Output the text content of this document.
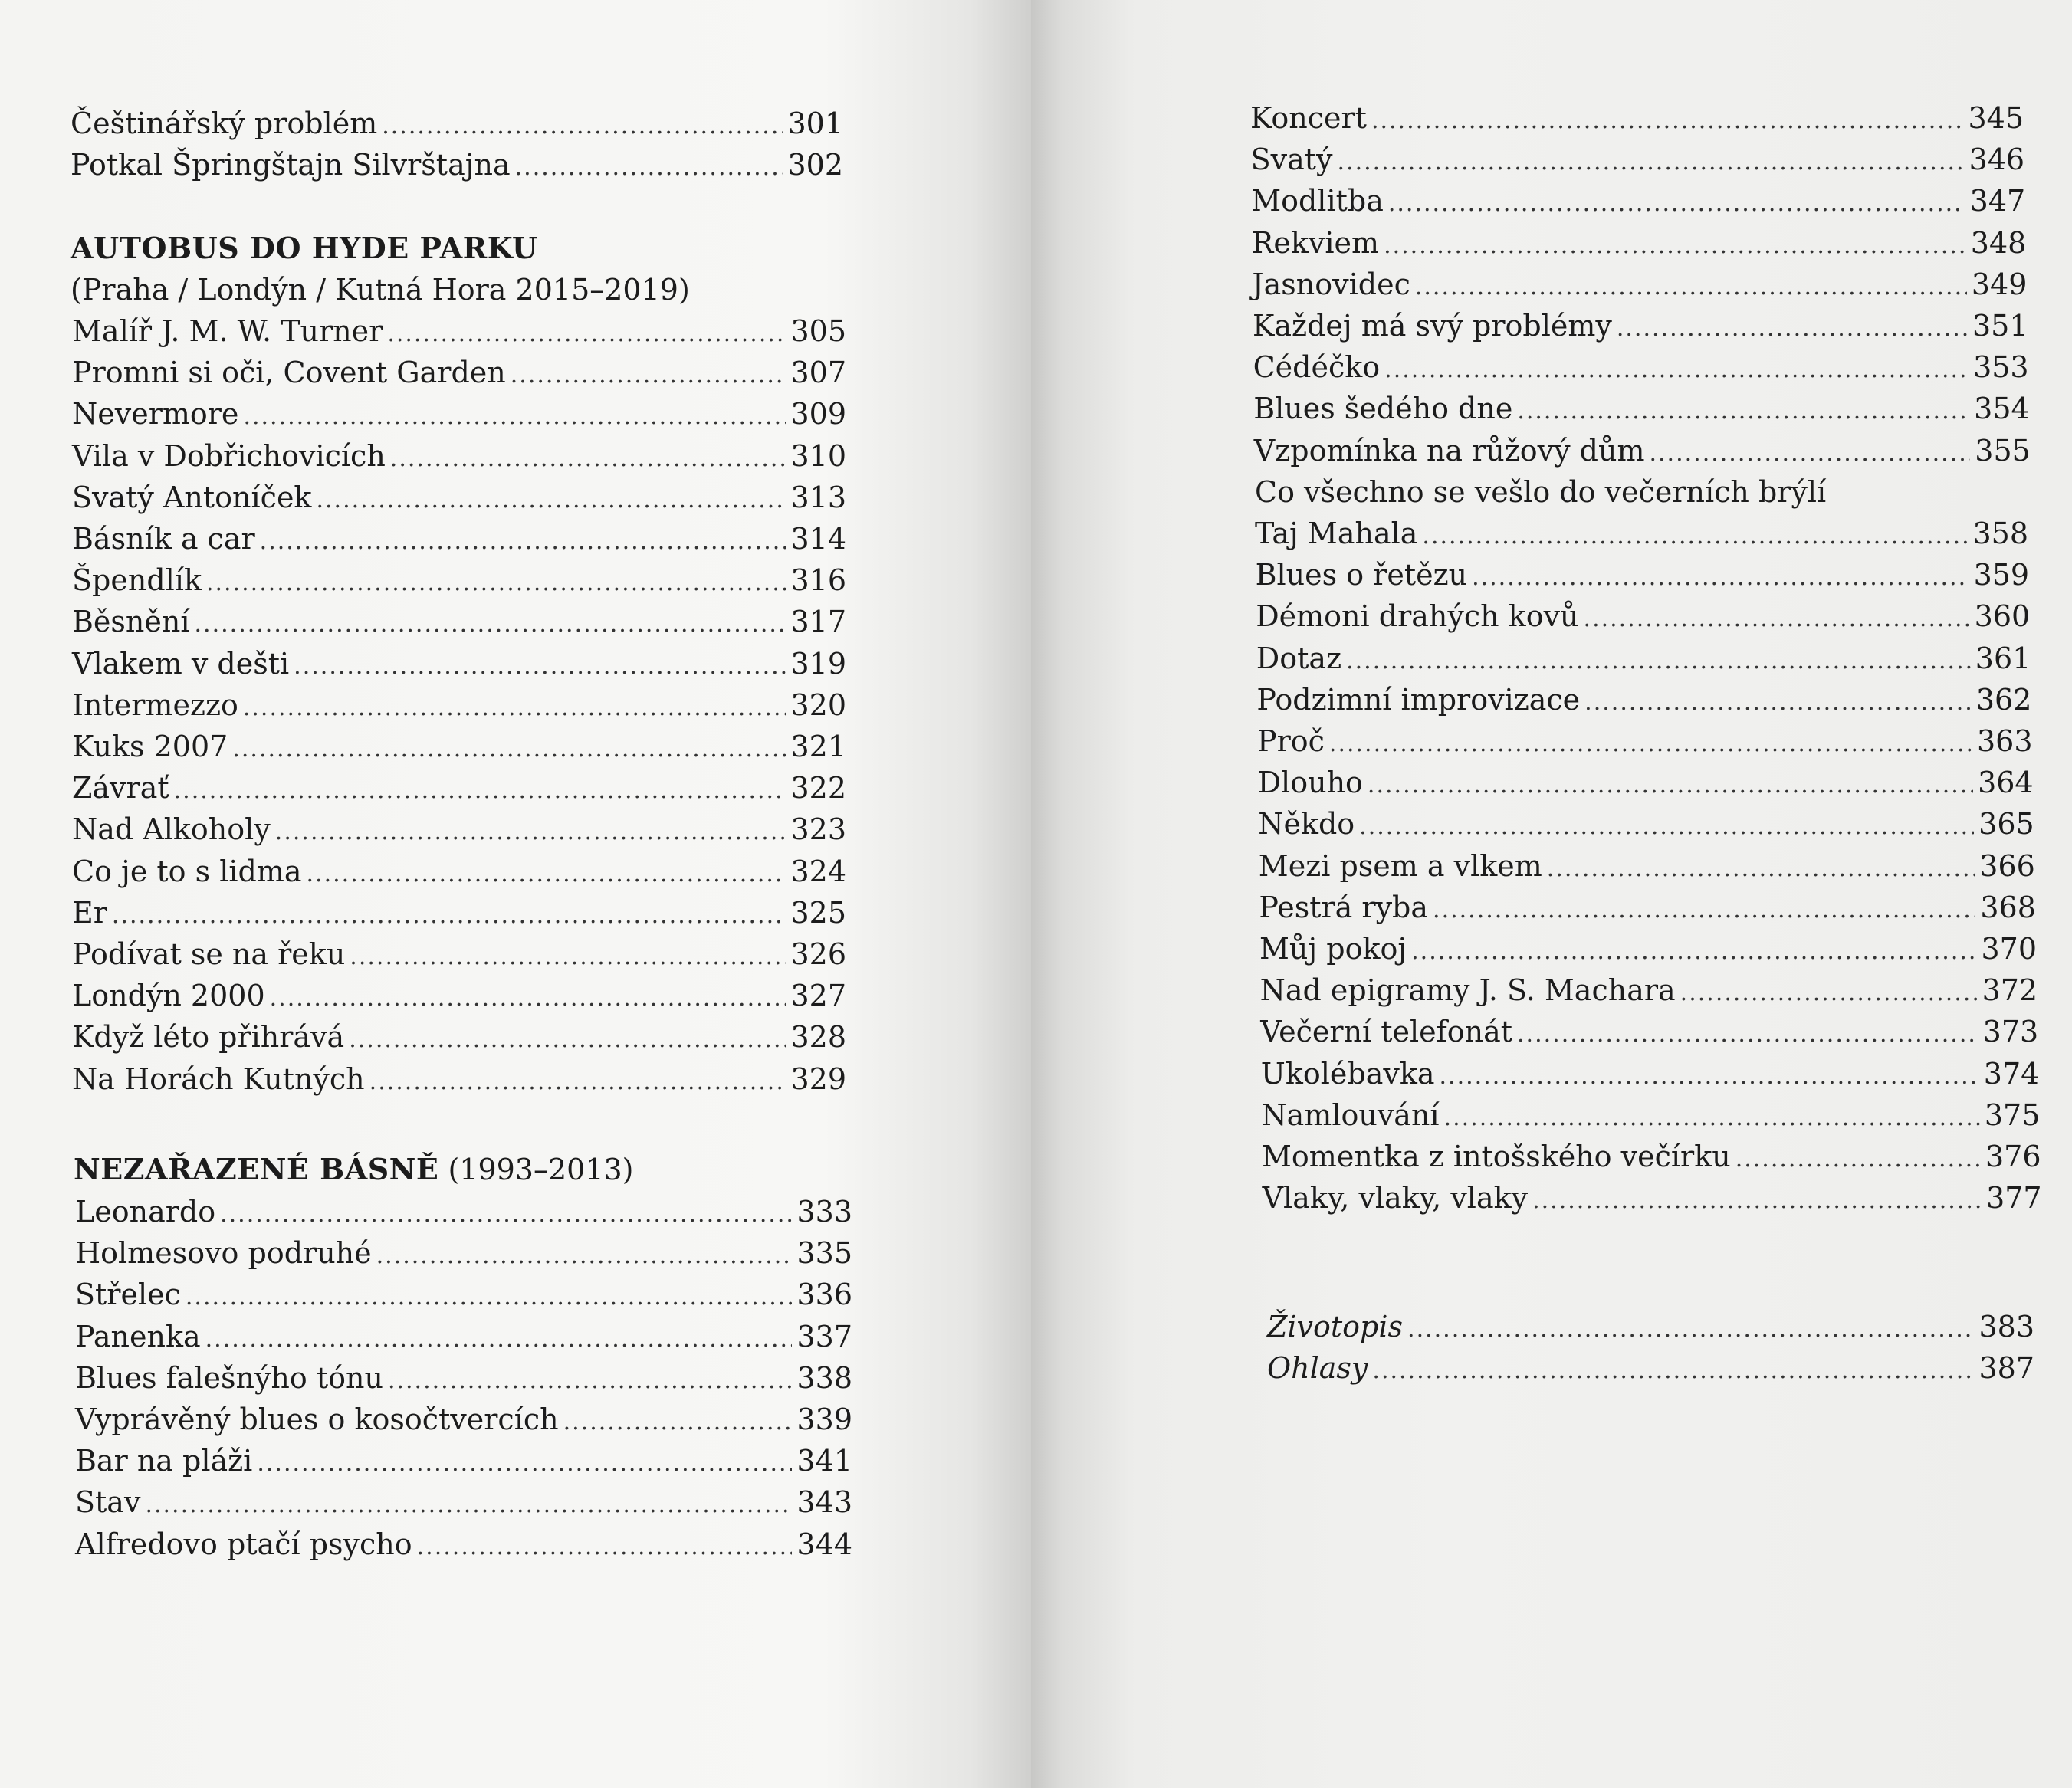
Češtinářský problém .....	301
Potkal Špringštajn Silvrštajna .....	302
AUTOBUS DO HYDE PARKU
(Praha / Londýn / Kutná Hora 2015–2019)
Malíř J. M. W. Turner .....	305
Promni si oči, Covent Garden .....	307
Nevermore .....	309
Vila v Dobřichovicích .....	310
Svatý Antoníček .....	313
Básník a car .....	314
Špendlík .....	316
Běsnění .....	317
Vlakem v dešti .....	319
Intermezzo .....	320
Kuks 2007 .....	321
Závrať .....	322
Nad Alkoholy .....	323
Co je to s lidma .....	324
Er .....	325
Podívat se na řeku .....	326
Londýn 2000 .....	327
Když léto přihrává .....	328
Na Horách Kutných .....	329
NEZAŘAZENÉ BÁSNĚ (1993–2013)
Leonardo .....	333
Holmesovo podruhé .....	335
Střelec .....	336
Panenka .....	337
Blues falešnýho tónu .....	338
Vyprávěný blues o kosočtvercích .....	339
Bar na pláži .....	341
Stav .....	343
Alfredovo ptačí psycho .....	344
Koncert .....	345
Svatý .....	346
Modlitba .....	347
Rekviem .....	348
Jasnovidec .....	349
Každej má svý problémy .....	351
Cédéčko .....	353
Blues šedého dne .....	354
Vzpomínka na růžový dům .....	355
Co všechno se vešlo do večerních brýlí
Taj Mahala .....	358
Blues o řetězu .....	359
Démoni drahých kovů .....	360
Dotaz .....	361
Podzimní improvizace .....	362
Proč .....	363
Dlouho .....	364
Někdo .....	365
Mezi psem a vlkem .....	366
Pestrá ryba .....	368
Můj pokoj .....	370
Nad epigramy J. S. Machara .....	372
Večerní telefonát .....	373
Ukolébavka .....	374
Namlouvání .....	375
Momentka z intošského večírku .....	376
Vlaky, vlaky, vlaky .....	377
Životopis .....	383
Ohlasy .....	387
